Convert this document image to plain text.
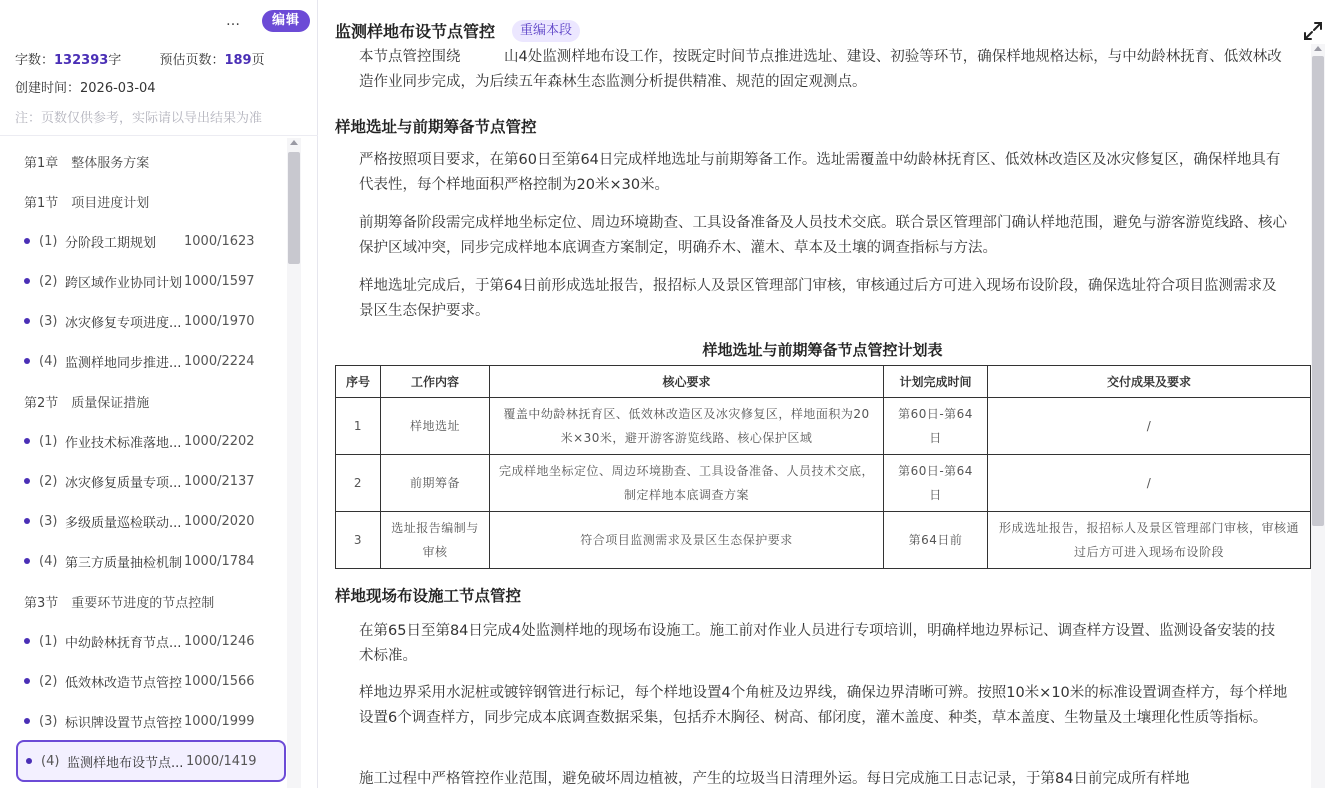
…	编辑
字数：132393字	预估页数：189页
创建时间：2026-03-04
注：页数仅供参考，实际请以导出结果为准
第1章　整体服务方案
第1节　项目进度计划
(1) 分阶段工期规划	1000/1623
(2) 跨区域作业协同计划 1000/1597
(3) 冰灾修复专项进度... 1000/1970
(4) 监测样地同步推进... 1000/2224
第2节　质量保证措施
(1) 作业技术标准落地... 1000/2202
(2) 冰灾修复质量专项... 1000/2137
(3) 多级质量巡检联动... 1000/2020
(4) 第三方质量抽检机制 1000/1784
第3节　重要环节进度的节点控制
(1) 中幼龄林抚育节点... 1000/1246
(2) 低效林改造节点管控 1000/1566
(3) 标识牌设置节点管控 1000/1999
(4) 监测样地布设节点... 1000/1419
监测样地布设节点管控	重编本段
本节点管控围绕　　　山4处监测样地布设工作，按既定时间节点推进选址、建设、初验等环节，确保样地规格达标，与中幼龄林抚育、低效林改造作业同步完成，为后续五年森林生态监测分析提供精准、规范的固定观测点。
样地选址与前期筹备节点管控
严格按照项目要求，在第60日至第64日完成样地选址与前期筹备工作。选址需覆盖中幼龄林抚育区、低效林改造区及冰灾修复区，确保样地具有代表性，每个样地面积严格控制为20米×30米。
前期筹备阶段需完成样地坐标定位、周边环境勘查、工具设备准备及人员技术交底。联合景区管理部门确认样地范围，避免与游客游览线路、核心保护区域冲突，同步完成样地本底调查方案制定，明确乔木、灌木、草本及土壤的调查指标与方法。
样地选址完成后，于第64日前形成选址报告，报招标人及景区管理部门审核，审核通过后方可进入现场布设阶段，确保选址符合项目监测需求及景区生态保护要求。
样地选址与前期筹备节点管控计划表
序号	工作内容	核心要求	计划完成时间	交付成果及要求
1	样地选址	覆盖中幼龄林抚育区、低效林改造区及冰灾修复区，样地面积为20米×30米，避开游客游览线路、核心保护区域	第60日-第64日	/
2	前期筹备	完成样地坐标定位、周边环境勘查、工具设备准备、人员技术交底，制定样地本底调查方案	第60日-第64日	/
3	选址报告编制与审核	符合项目监测需求及景区生态保护要求	第64日前	形成选址报告，报招标人及景区管理部门审核，审核通过后方可进入现场布设阶段
样地现场布设施工节点管控
在第65日至第84日完成4处监测样地的现场布设施工。施工前对作业人员进行专项培训，明确样地边界标记、调查样方设置、监测设备安装的技术标准。
样地边界采用水泥桩或镀锌钢管进行标记，每个样地设置4个角桩及边界线，确保边界清晰可辨。按照10米×10米的标准设置调查样方，每个样地设置6个调查样方，同步完成本底调查数据采集，包括乔木胸径、树高、郁闭度，灌木盖度、种类，草本盖度、生物量及土壤理化性质等指标。
施工过程中严格管控作业范围，避免破坏周边植被，产生的垃圾当日清理外运。每日完成施工日志记录，于第84日前完成所有样地
